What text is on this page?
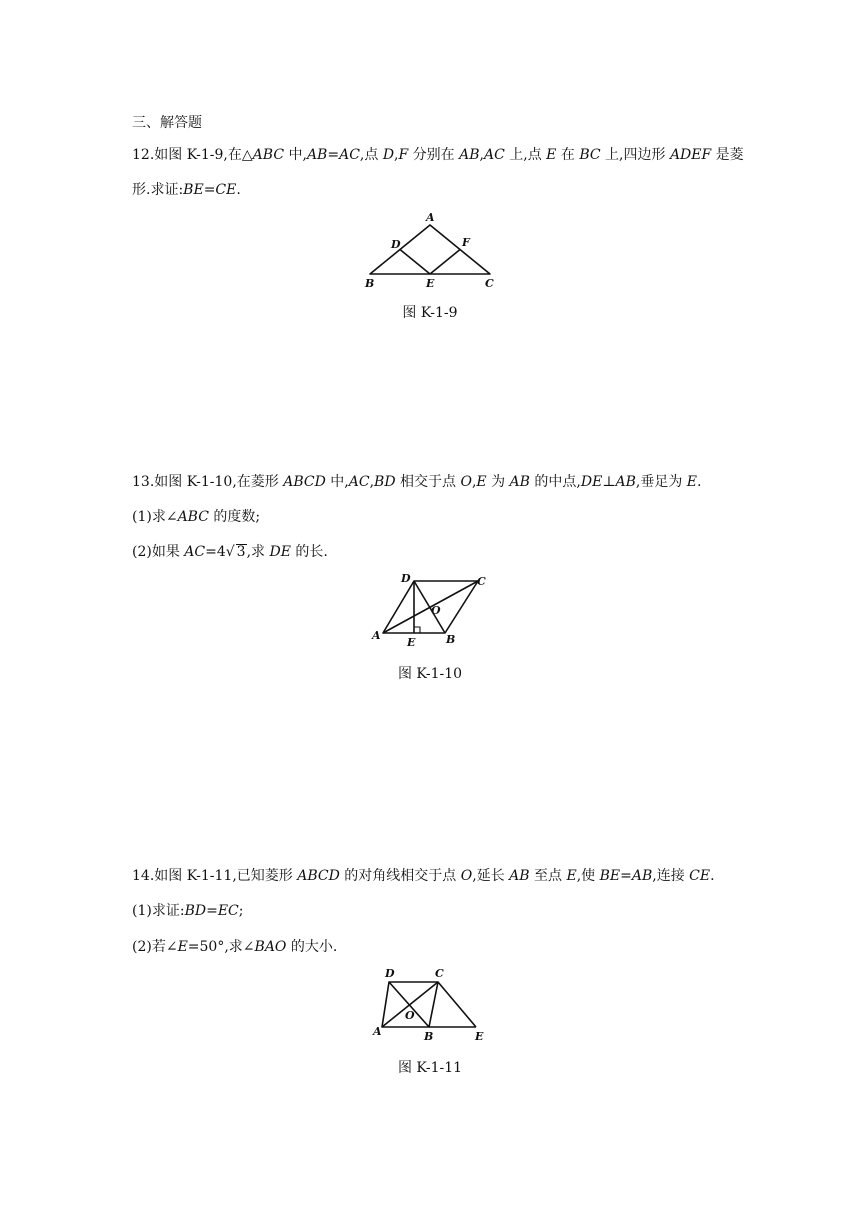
三、解答题
12.如图 K-1-9,在△ABC 中,AB=AC,点 D,F 分别在 AB,AC 上,点 E 在 BC 上,四边形 ADEF 是菱
形.求证:BE=CE.
A
D	F
B	E	C
图 K-1-9
13.如图 K-1-10,在菱形 ABCD 中,AC,BD 相交于点 O,E 为 AB 的中点,DE⊥AB,垂足为 E.
(1)求∠ABC 的度数;
(2)如果 AC=4√ 3,求 DE 的长.
D	C
O
A	B
E
图 K-1-10
14.如图 K-1-11,已知菱形 ABCD 的对角线相交于点 O,延长 AB 至点 E,使 BE=AB,连接 CE.
(1)求证:BD=EC;
(2)若∠E=50°,求∠BAO 的大小.
D	C
O
A	B	E
图 K-1-11
